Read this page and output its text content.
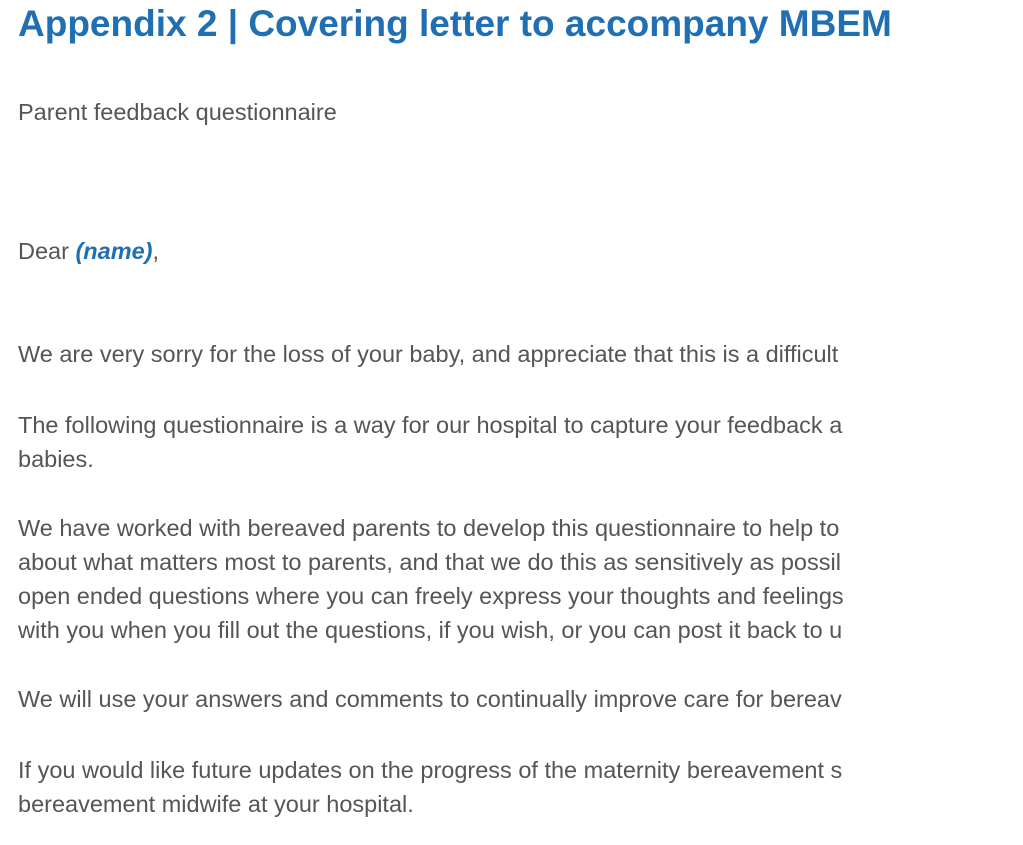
Appendix 2 | Covering letter to accompany MBEM

Parent feedback questionnaire

Dear (name),

We are very sorry for the loss of your baby, and appreciate that this is a difficult

The following questionnaire is a way for our hospital to capture your feedback a
babies.

We have worked with bereaved parents to develop this questionnaire to help to
about what matters most to parents, and that we do this as sensitively as possil
open ended questions where you can freely express your thoughts and feelings
with you when you fill out the questions, if you wish, or you can post it back to u

We will use your answers and comments to continually improve care for bereav

If you would like future updates on the progress of the maternity bereavement s
bereavement midwife at your hospital.
